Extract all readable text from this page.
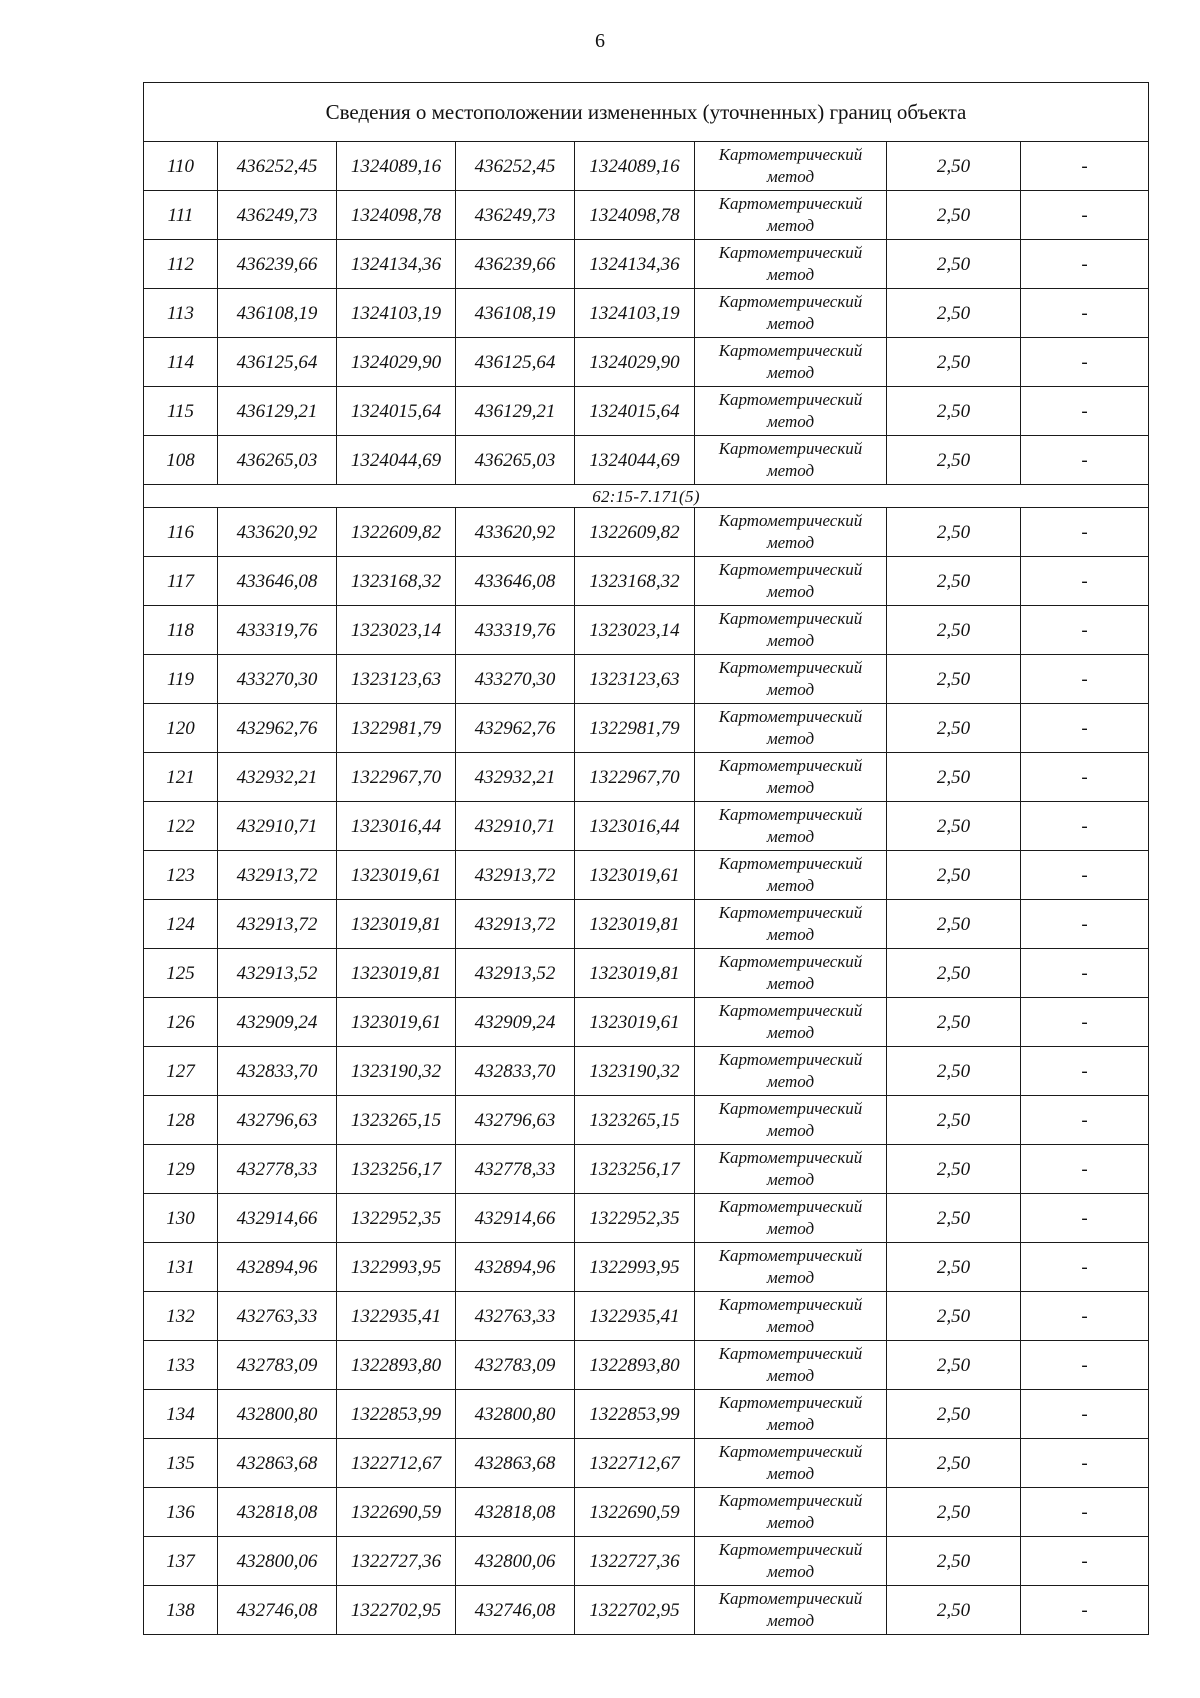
6
Сведения о местоположении измененных (уточненных) границ объекта							
110	436252,45	1324089,16	436252,45	1324089,16	Картометрический метод	2,50	-
111	436249,73	1324098,78	436249,73	1324098,78	Картометрический метод	2,50	-
112	436239,66	1324134,36	436239,66	1324134,36	Картометрический метод	2,50	-
113	436108,19	1324103,19	436108,19	1324103,19	Картометрический метод	2,50	-
114	436125,64	1324029,90	436125,64	1324029,90	Картометрический метод	2,50	-
115	436129,21	1324015,64	436129,21	1324015,64	Картометрический метод	2,50	-
108	436265,03	1324044,69	436265,03	1324044,69	Картометрический метод	2,50	-
62:15-7.171(5)							
116	433620,92	1322609,82	433620,92	1322609,82	Картометрический метод	2,50	-
117	433646,08	1323168,32	433646,08	1323168,32	Картометрический метод	2,50	-
118	433319,76	1323023,14	433319,76	1323023,14	Картометрический метод	2,50	-
119	433270,30	1323123,63	433270,30	1323123,63	Картометрический метод	2,50	-
120	432962,76	1322981,79	432962,76	1322981,79	Картометрический метод	2,50	-
121	432932,21	1322967,70	432932,21	1322967,70	Картометрический метод	2,50	-
122	432910,71	1323016,44	432910,71	1323016,44	Картометрический метод	2,50	-
123	432913,72	1323019,61	432913,72	1323019,61	Картометрический метод	2,50	-
124	432913,72	1323019,81	432913,72	1323019,81	Картометрический метод	2,50	-
125	432913,52	1323019,81	432913,52	1323019,81	Картометрический метод	2,50	-
126	432909,24	1323019,61	432909,24	1323019,61	Картометрический метод	2,50	-
127	432833,70	1323190,32	432833,70	1323190,32	Картометрический метод	2,50	-
128	432796,63	1323265,15	432796,63	1323265,15	Картометрический метод	2,50	-
129	432778,33	1323256,17	432778,33	1323256,17	Картометрический метод	2,50	-
130	432914,66	1322952,35	432914,66	1322952,35	Картометрический метод	2,50	-
131	432894,96	1322993,95	432894,96	1322993,95	Картометрический метод	2,50	-
132	432763,33	1322935,41	432763,33	1322935,41	Картометрический метод	2,50	-
133	432783,09	1322893,80	432783,09	1322893,80	Картометрический метод	2,50	-
134	432800,80	1322853,99	432800,80	1322853,99	Картометрический метод	2,50	-
135	432863,68	1322712,67	432863,68	1322712,67	Картометрический метод	2,50	-
136	432818,08	1322690,59	432818,08	1322690,59	Картометрический метод	2,50	-
137	432800,06	1322727,36	432800,06	1322727,36	Картометрический метод	2,50	-
138	432746,08	1322702,95	432746,08	1322702,95	Картометрический метод	2,50	-
